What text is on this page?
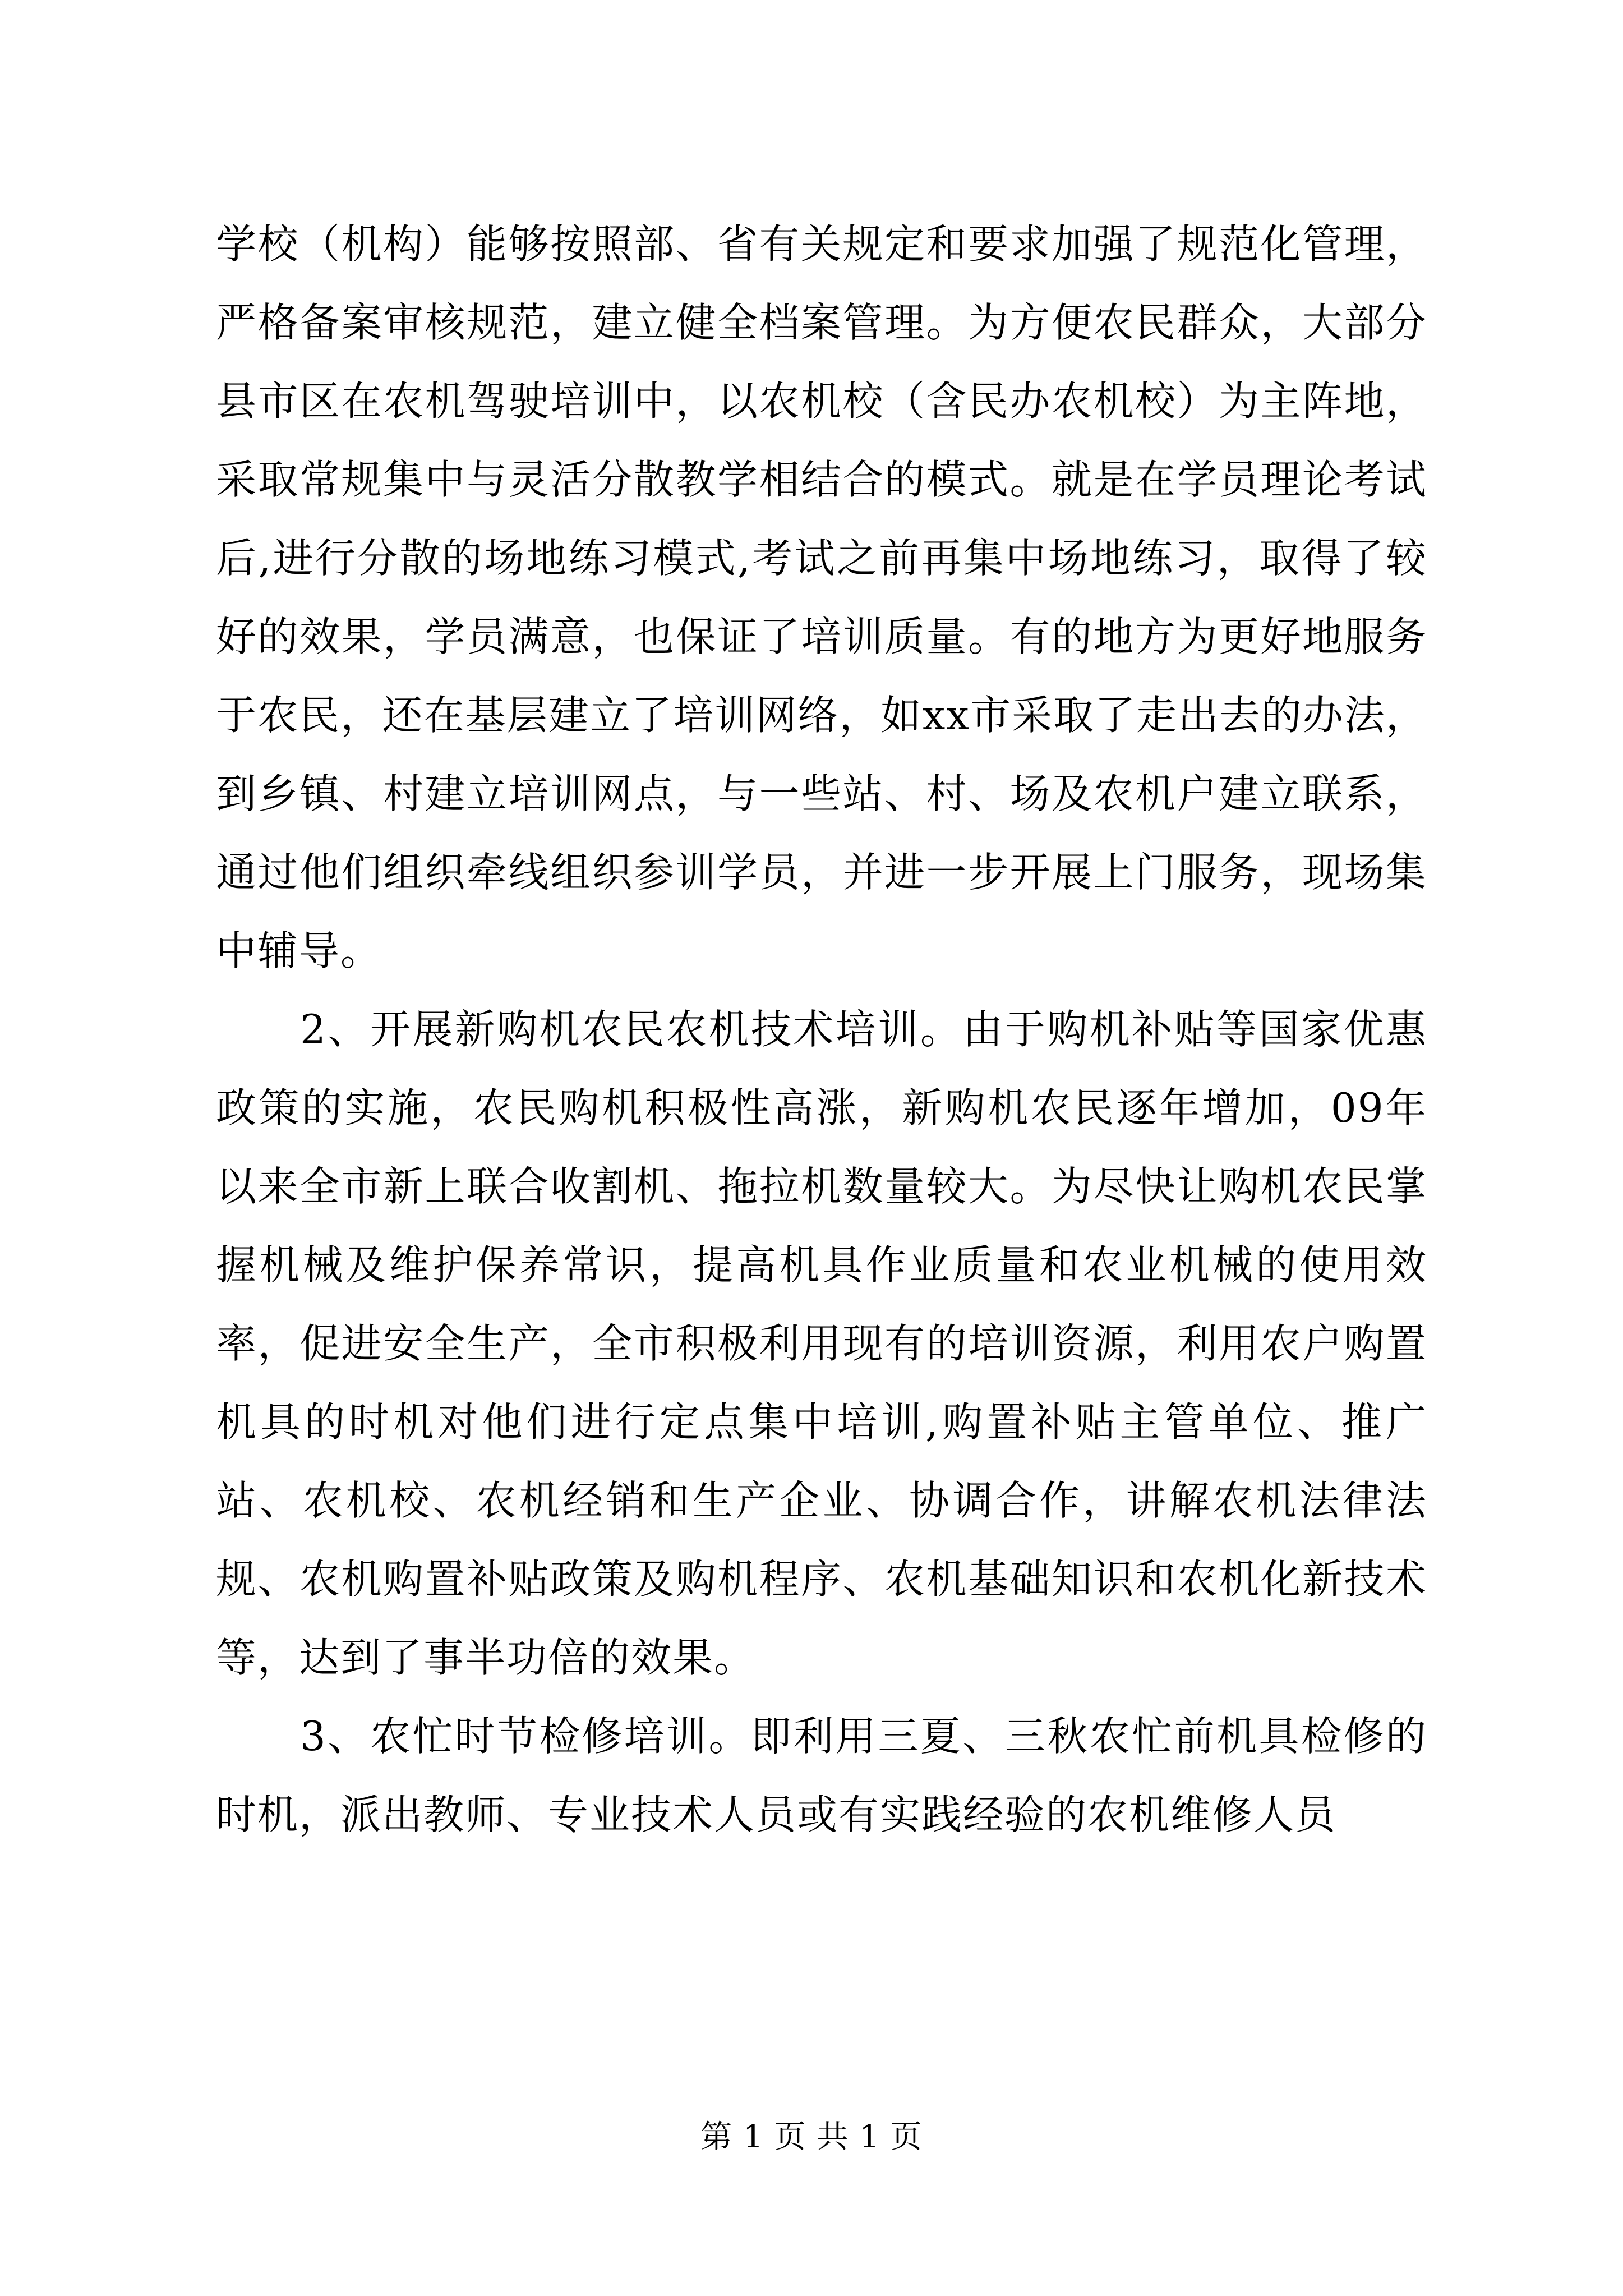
学校（机构）能够按照部、省有关规定和要求加强了规范化管理，严格备案审核规范，建立健全档案管理。为方便农民群众，大部分县市区在农机驾驶培训中，以农机校（含民办农机校）为主阵地，采取常规集中与灵活分散教学相结合的模式。就是在学员理论考试后,进行分散的场地练习模式,考试之前再集中场地练习，取得了较好的效果，学员满意，也保证了培训质量。有的地方为更好地服务于农民，还在基层建立了培训网络，如xx市采取了走出去的办法，到乡镇、村建立培训网点，与一些站、村、场及农机户建立联系，通过他们组织牵线组织参训学员，并进一步开展上门服务，现场集中辅导。

2、开展新购机农民农机技术培训。由于购机补贴等国家优惠政策的实施，农民购机积极性高涨，新购机农民逐年增加，09年以来全市新上联合收割机、拖拉机数量较大。为尽快让购机农民掌握机械及维护保养常识，提高机具作业质量和农业机械的使用效率，促进安全生产，全市积极利用现有的培训资源，利用农户购置机具的时机对他们进行定点集中培训,购置补贴主管单位、推广站、农机校、农机经销和生产企业、协调合作，讲解农机法律法规、农机购置补贴政策及购机程序、农机基础知识和农机化新技术等，达到了事半功倍的效果。

3、农忙时节检修培训。即利用三夏、三秋农忙前机具检修的时机，派出教师、专业技术人员或有实践经验的农机维修人员

第 1 页 共 1 页
